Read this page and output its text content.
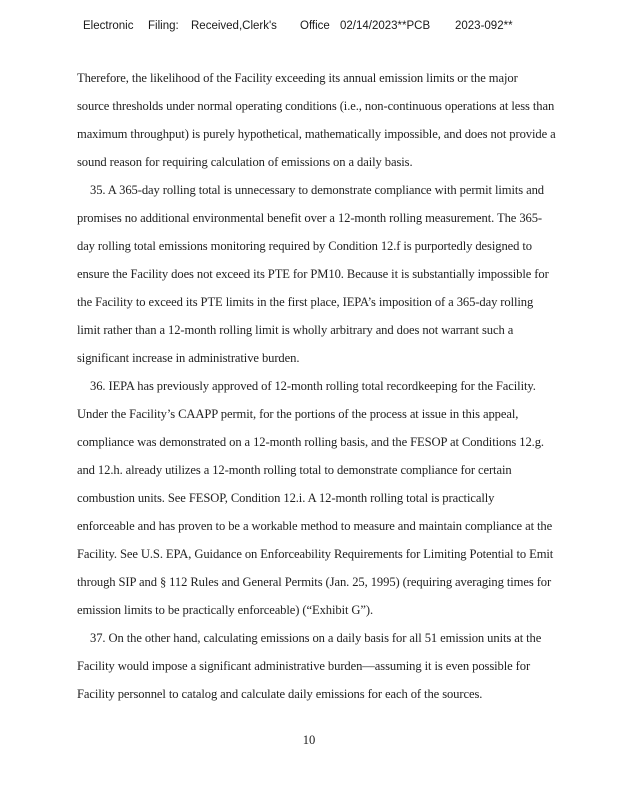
Electronic Filing: Received,Clerk's Office 02/14/2023**PCB 2023-092**
Therefore, the likelihood of the Facility exceeding its annual emission limits or the major
source thresholds under normal operating conditions (i.e., non-continuous operations at less than
maximum throughput) is purely hypothetical, mathematically impossible, and does not provide a
sound reason for requiring calculation of emissions on a daily basis.
35. A 365-day rolling total is unnecessary to demonstrate compliance with permit limits and
promises no additional environmental benefit over a 12-month rolling measurement. The 365-
day rolling total emissions monitoring required by Condition 12.f is purportedly designed to
ensure the Facility does not exceed its PTE for PM10. Because it is substantially impossible for
the Facility to exceed its PTE limits in the first place, IEPA’s imposition of a 365-day rolling
limit rather than a 12-month rolling limit is wholly arbitrary and does not warrant such a
significant increase in administrative burden.
36. IEPA has previously approved of 12-month rolling total recordkeeping for the Facility.
Under the Facility’s CAAPP permit, for the portions of the process at issue in this appeal,
compliance was demonstrated on a 12-month rolling basis, and the FESOP at Conditions 12.g.
and 12.h. already utilizes a 12-month rolling total to demonstrate compliance for certain
combustion units. See FESOP, Condition 12.i. A 12-month rolling total is practically
enforceable and has proven to be a workable method to measure and maintain compliance at the
Facility. See U.S. EPA, Guidance on Enforceability Requirements for Limiting Potential to Emit
through SIP and § 112 Rules and General Permits (Jan. 25, 1995) (requiring averaging times for
emission limits to be practically enforceable) (“Exhibit G”).
37. On the other hand, calculating emissions on a daily basis for all 51 emission units at the
Facility would impose a significant administrative burden—assuming it is even possible for
Facility personnel to catalog and calculate daily emissions for each of the sources.
10
